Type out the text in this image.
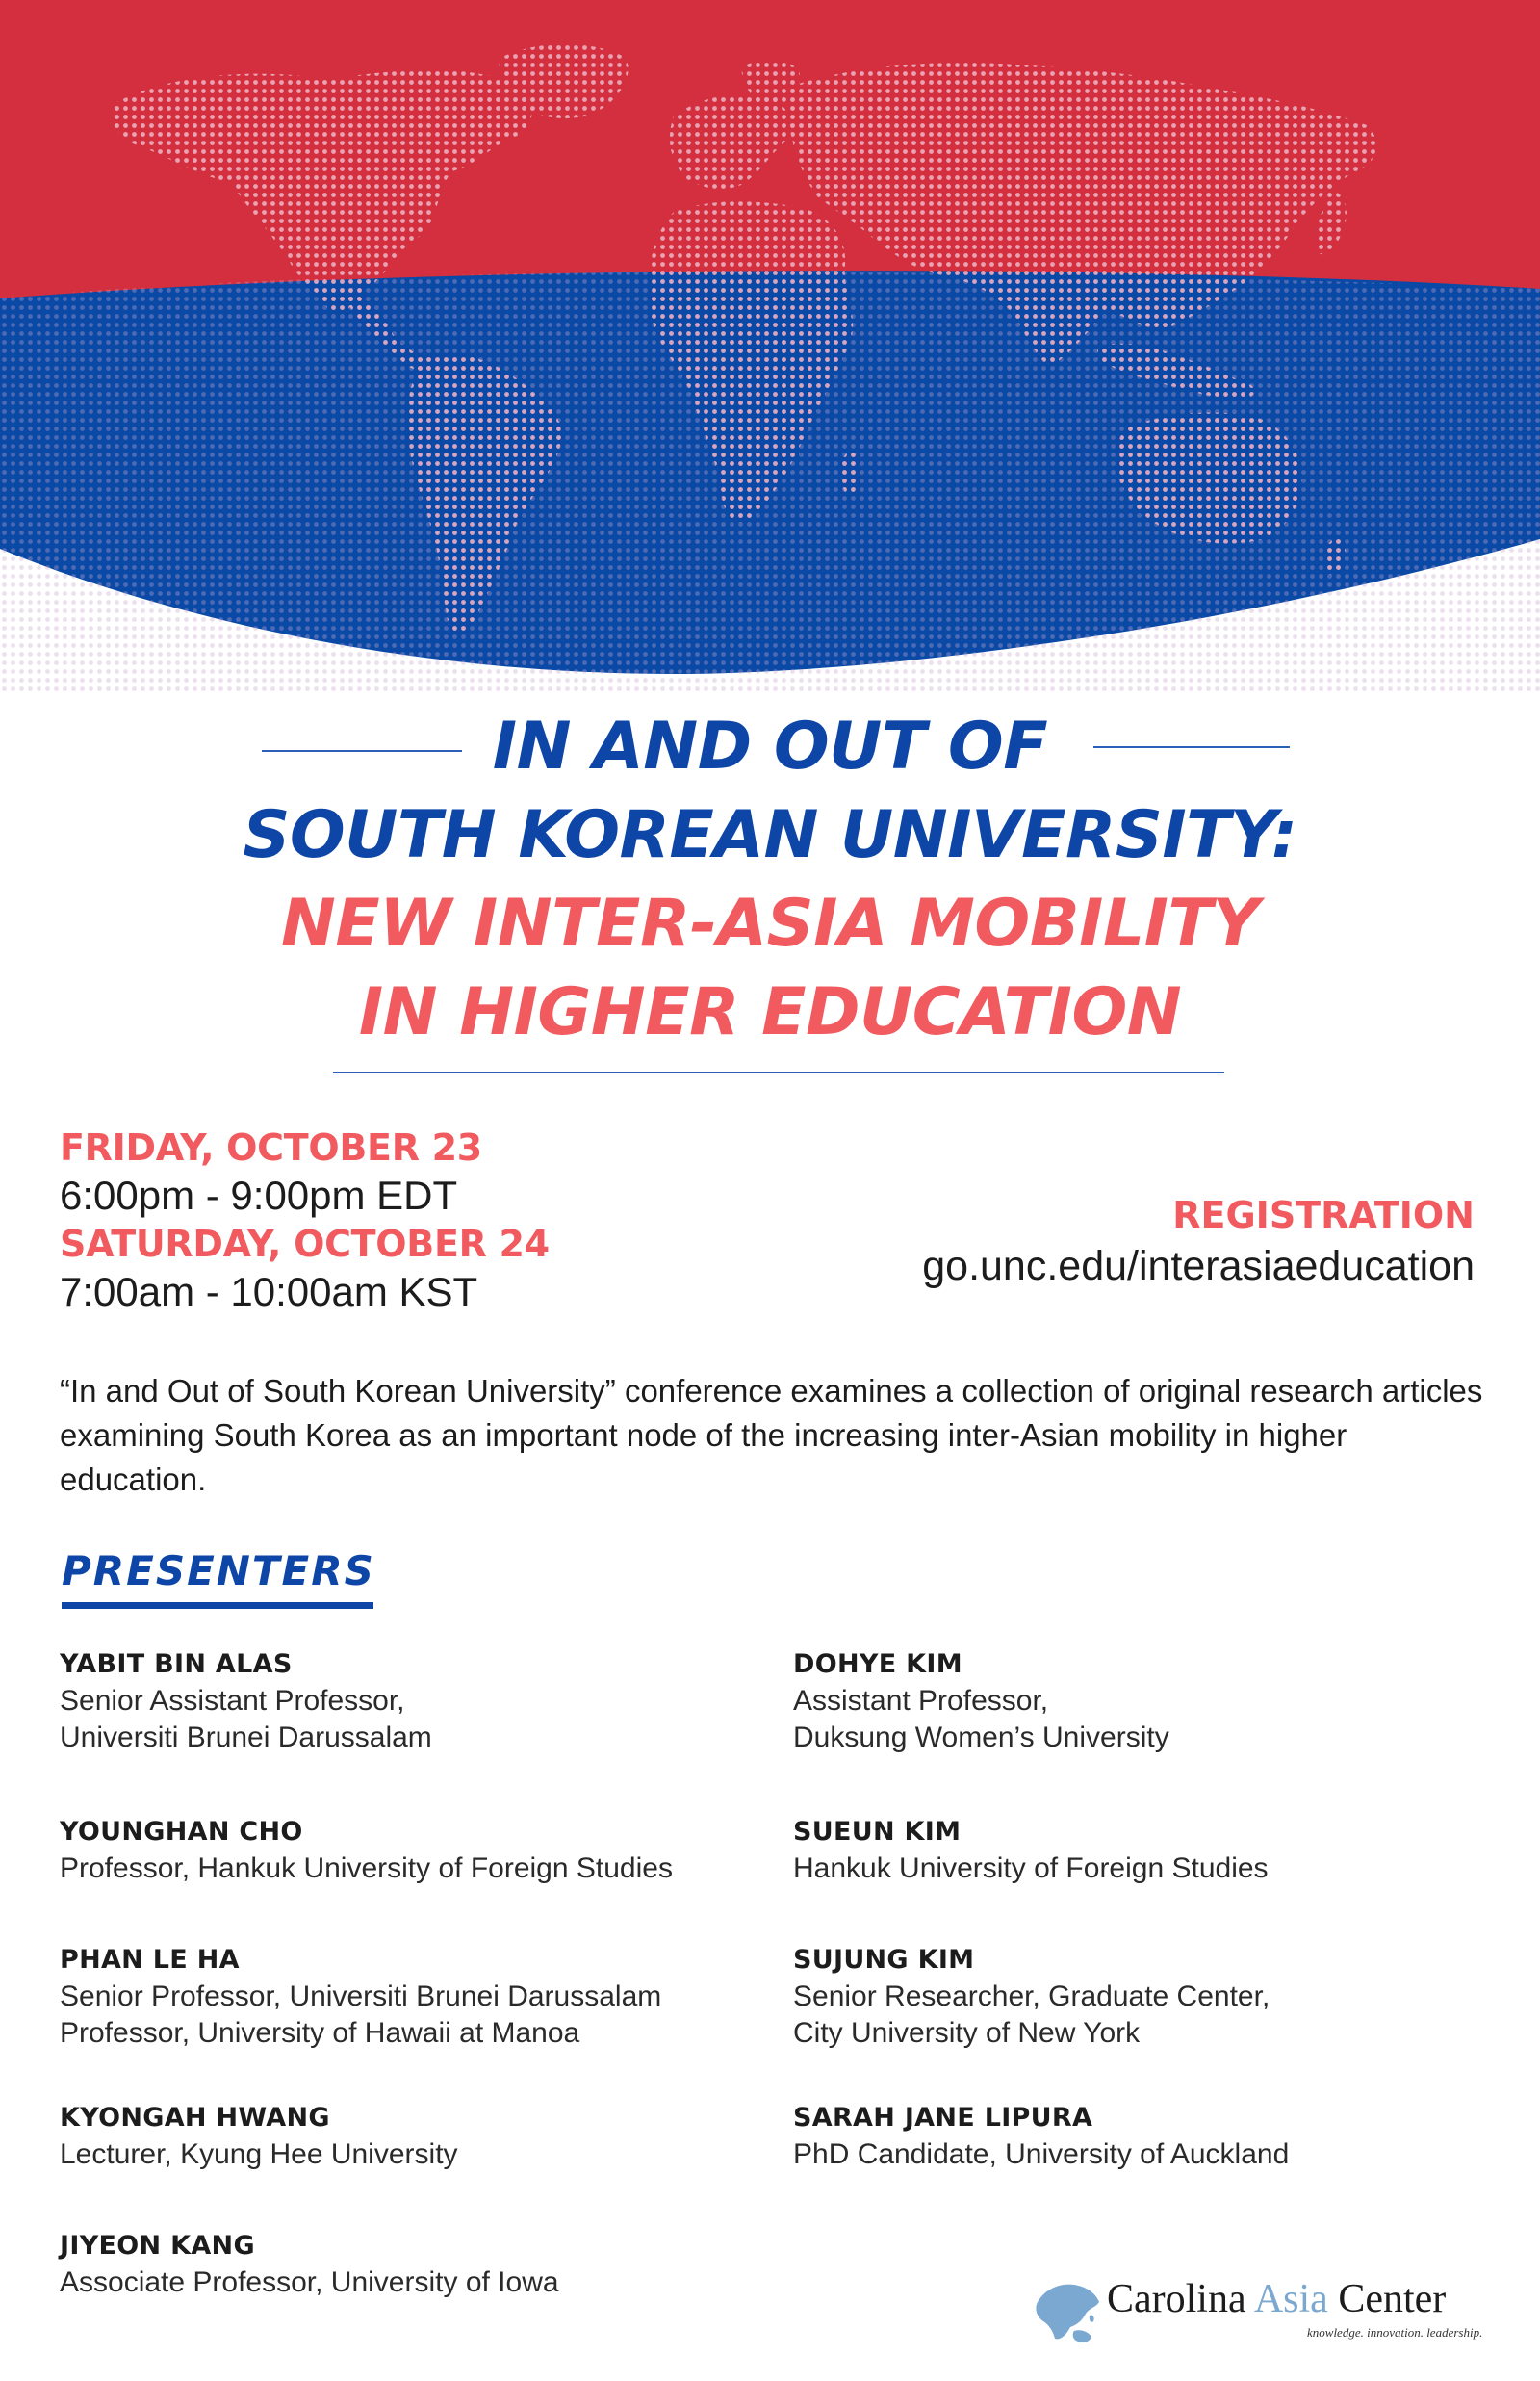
IN AND OUT OF
SOUTH KOREAN UNIVERSITY:
NEW INTER-ASIA MOBILITY
IN HIGHER EDUCATION
FRIDAY, OCTOBER 23
6:00pm - 9:00pm EDT
SATURDAY, OCTOBER 24
7:00am - 10:00am KST
REGISTRATION
go.unc.edu/interasiaeducation
“In and Out of South Korean University” conference examines a collection of original research articles examining South Korea as an important node of the increasing inter-Asian mobility in higher education.
PRESENTERS
YABIT BIN ALAS
Senior Assistant Professor,
Universiti Brunei Darussalam
YOUNGHAN CHO
Professor, Hankuk University of Foreign Studies
PHAN LE HA
Senior Professor, Universiti Brunei Darussalam
Professor, University of Hawaii at Manoa
KYONGAH HWANG
Lecturer, Kyung Hee University
JIYEON KANG
Associate Professor, University of Iowa
DOHYE KIM
Assistant Professor,
Duksung Women’s University
SUEUN KIM
Hankuk University of Foreign Studies
SUJUNG KIM
Senior Researcher, Graduate Center,
City University of New York
SARAH JANE LIPURA
PhD Candidate, University of Auckland
Carolina Asia Center
knowledge. innovation. leadership.
